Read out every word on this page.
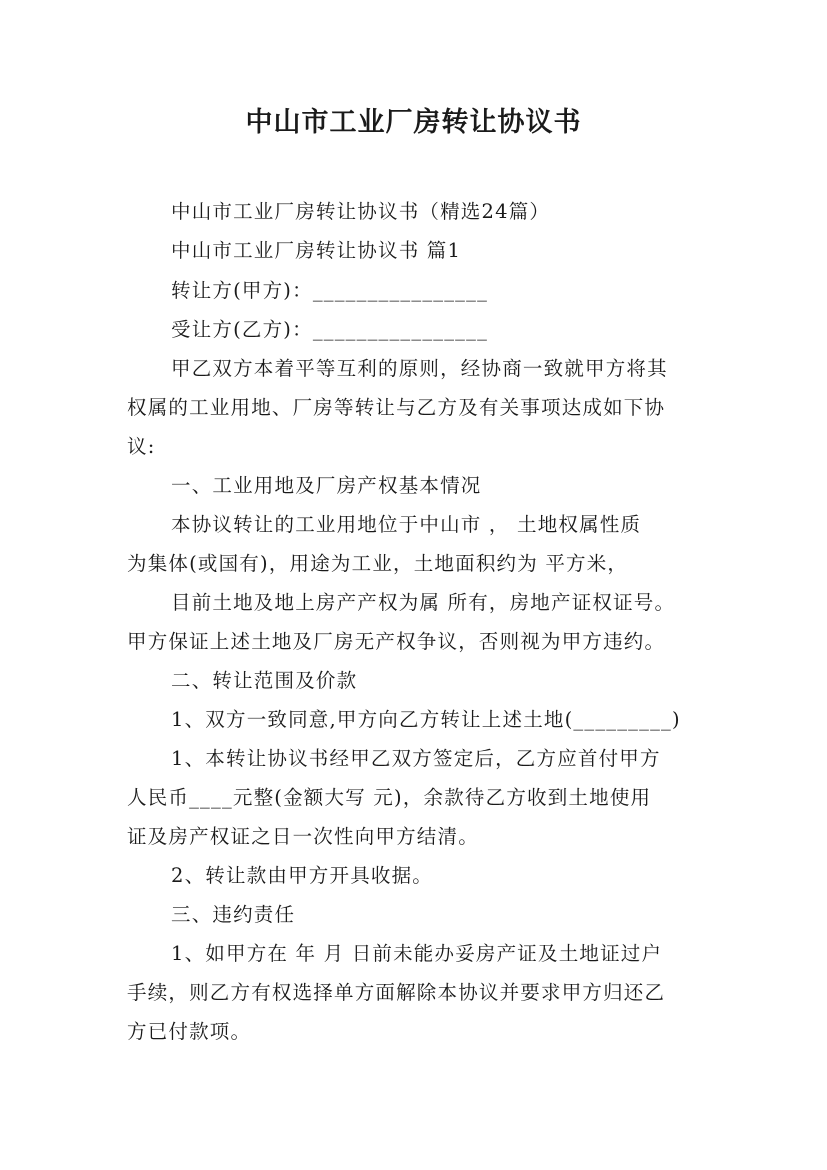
中山市工业厂房转让协议书
中山市工业厂房转让协议书（精选24篇）
中山市工业厂房转让协议书 篇1
转让方(甲方)：________________
受让方(乙方)：________________
甲乙双方本着平等互利的原则，经协商一致就甲方将其
权属的工业用地、厂房等转让与乙方及有关事项达成如下协
议:
一、工业用地及厂房产权基本情况
本协议转让的工业用地位于中山市 ， 土地权属性质
为集体(或国有)，用途为工业，土地面积约为 平方米，
目前土地及地上房产产权为属 所有，房地产证权证号。
甲方保证上述土地及厂房无产权争议，否则视为甲方违约。
二、转让范围及价款
1、双方一致同意,甲方向乙方转让上述土地(_________)
1、本转让协议书经甲乙双方签定后，乙方应首付甲方
人民币____元整(金额大写 元)，余款待乙方收到土地使用
证及房产权证之日一次性向甲方结清。
2、转让款由甲方开具收据。
三、违约责任
1、如甲方在 年 月 日前未能办妥房产证及土地证过户
手续，则乙方有权选择单方面解除本协议并要求甲方归还乙
方已付款项。
